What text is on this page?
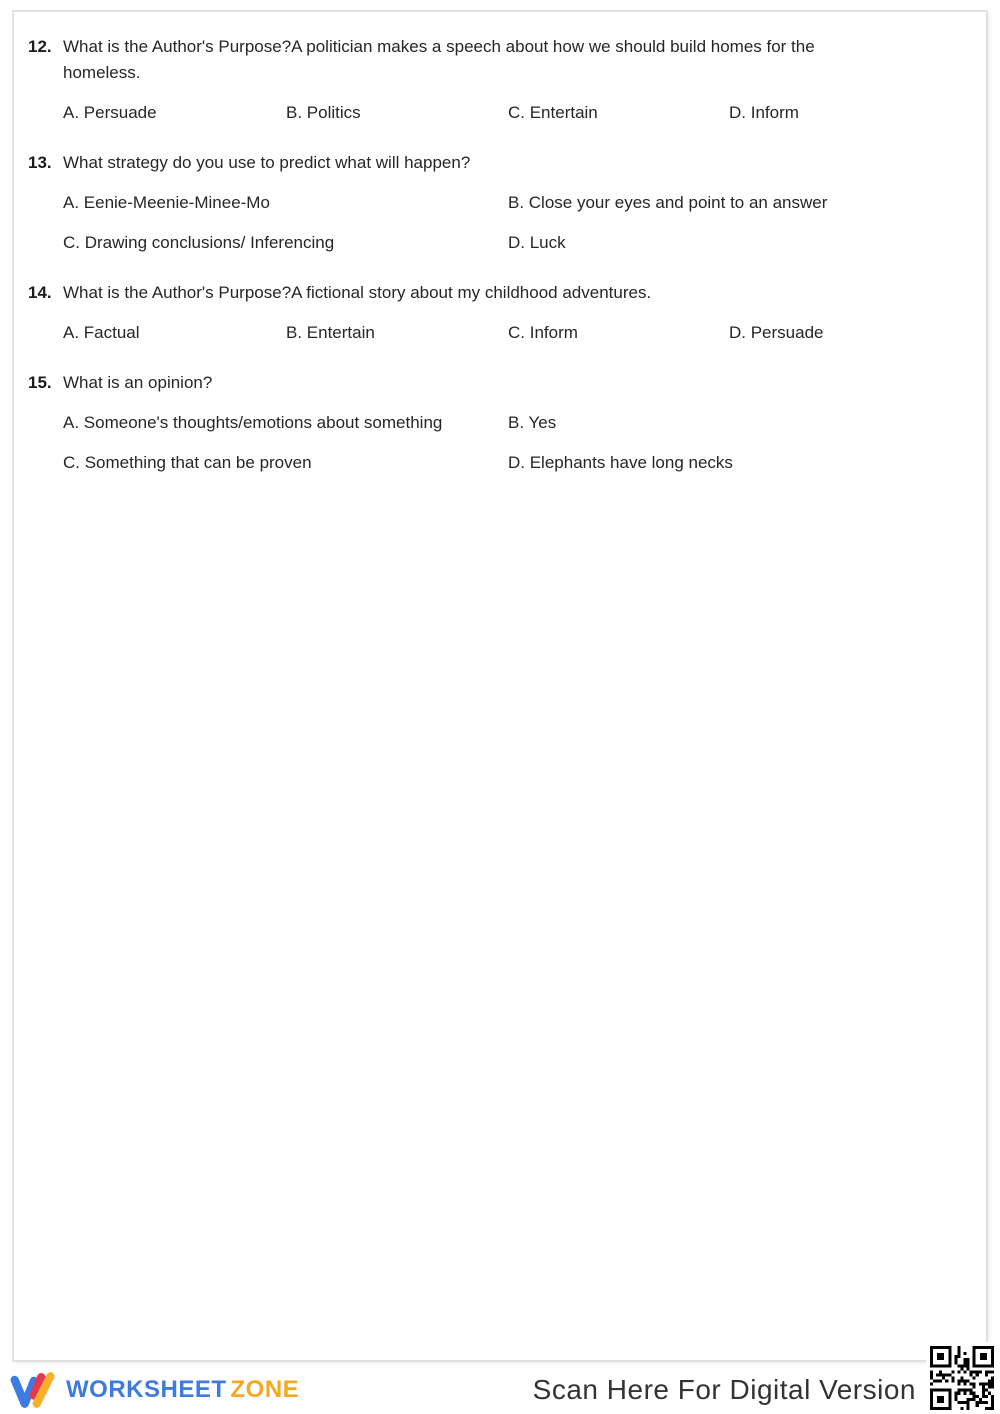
12. What is the Author's Purpose?A politician makes a speech about how we should build homes for the homeless.
A. Persuade	B. Politics	C. Entertain	D. Inform
13. What strategy do you use to predict what will happen?
A. Eenie-Meenie-Minee-Mo	B. Close your eyes and point to an answer
C. Drawing conclusions/ Inferencing	D. Luck
14. What is the Author's Purpose?A fictional story about my childhood adventures.
A. Factual	B. Entertain	C. Inform	D. Persuade
15. What is an opinion?
A. Someone's thoughts/emotions about something	B. Yes
C. Something that can be proven	D. Elephants have long necks
WORKSHEET ZONE	Scan Here For Digital Version
